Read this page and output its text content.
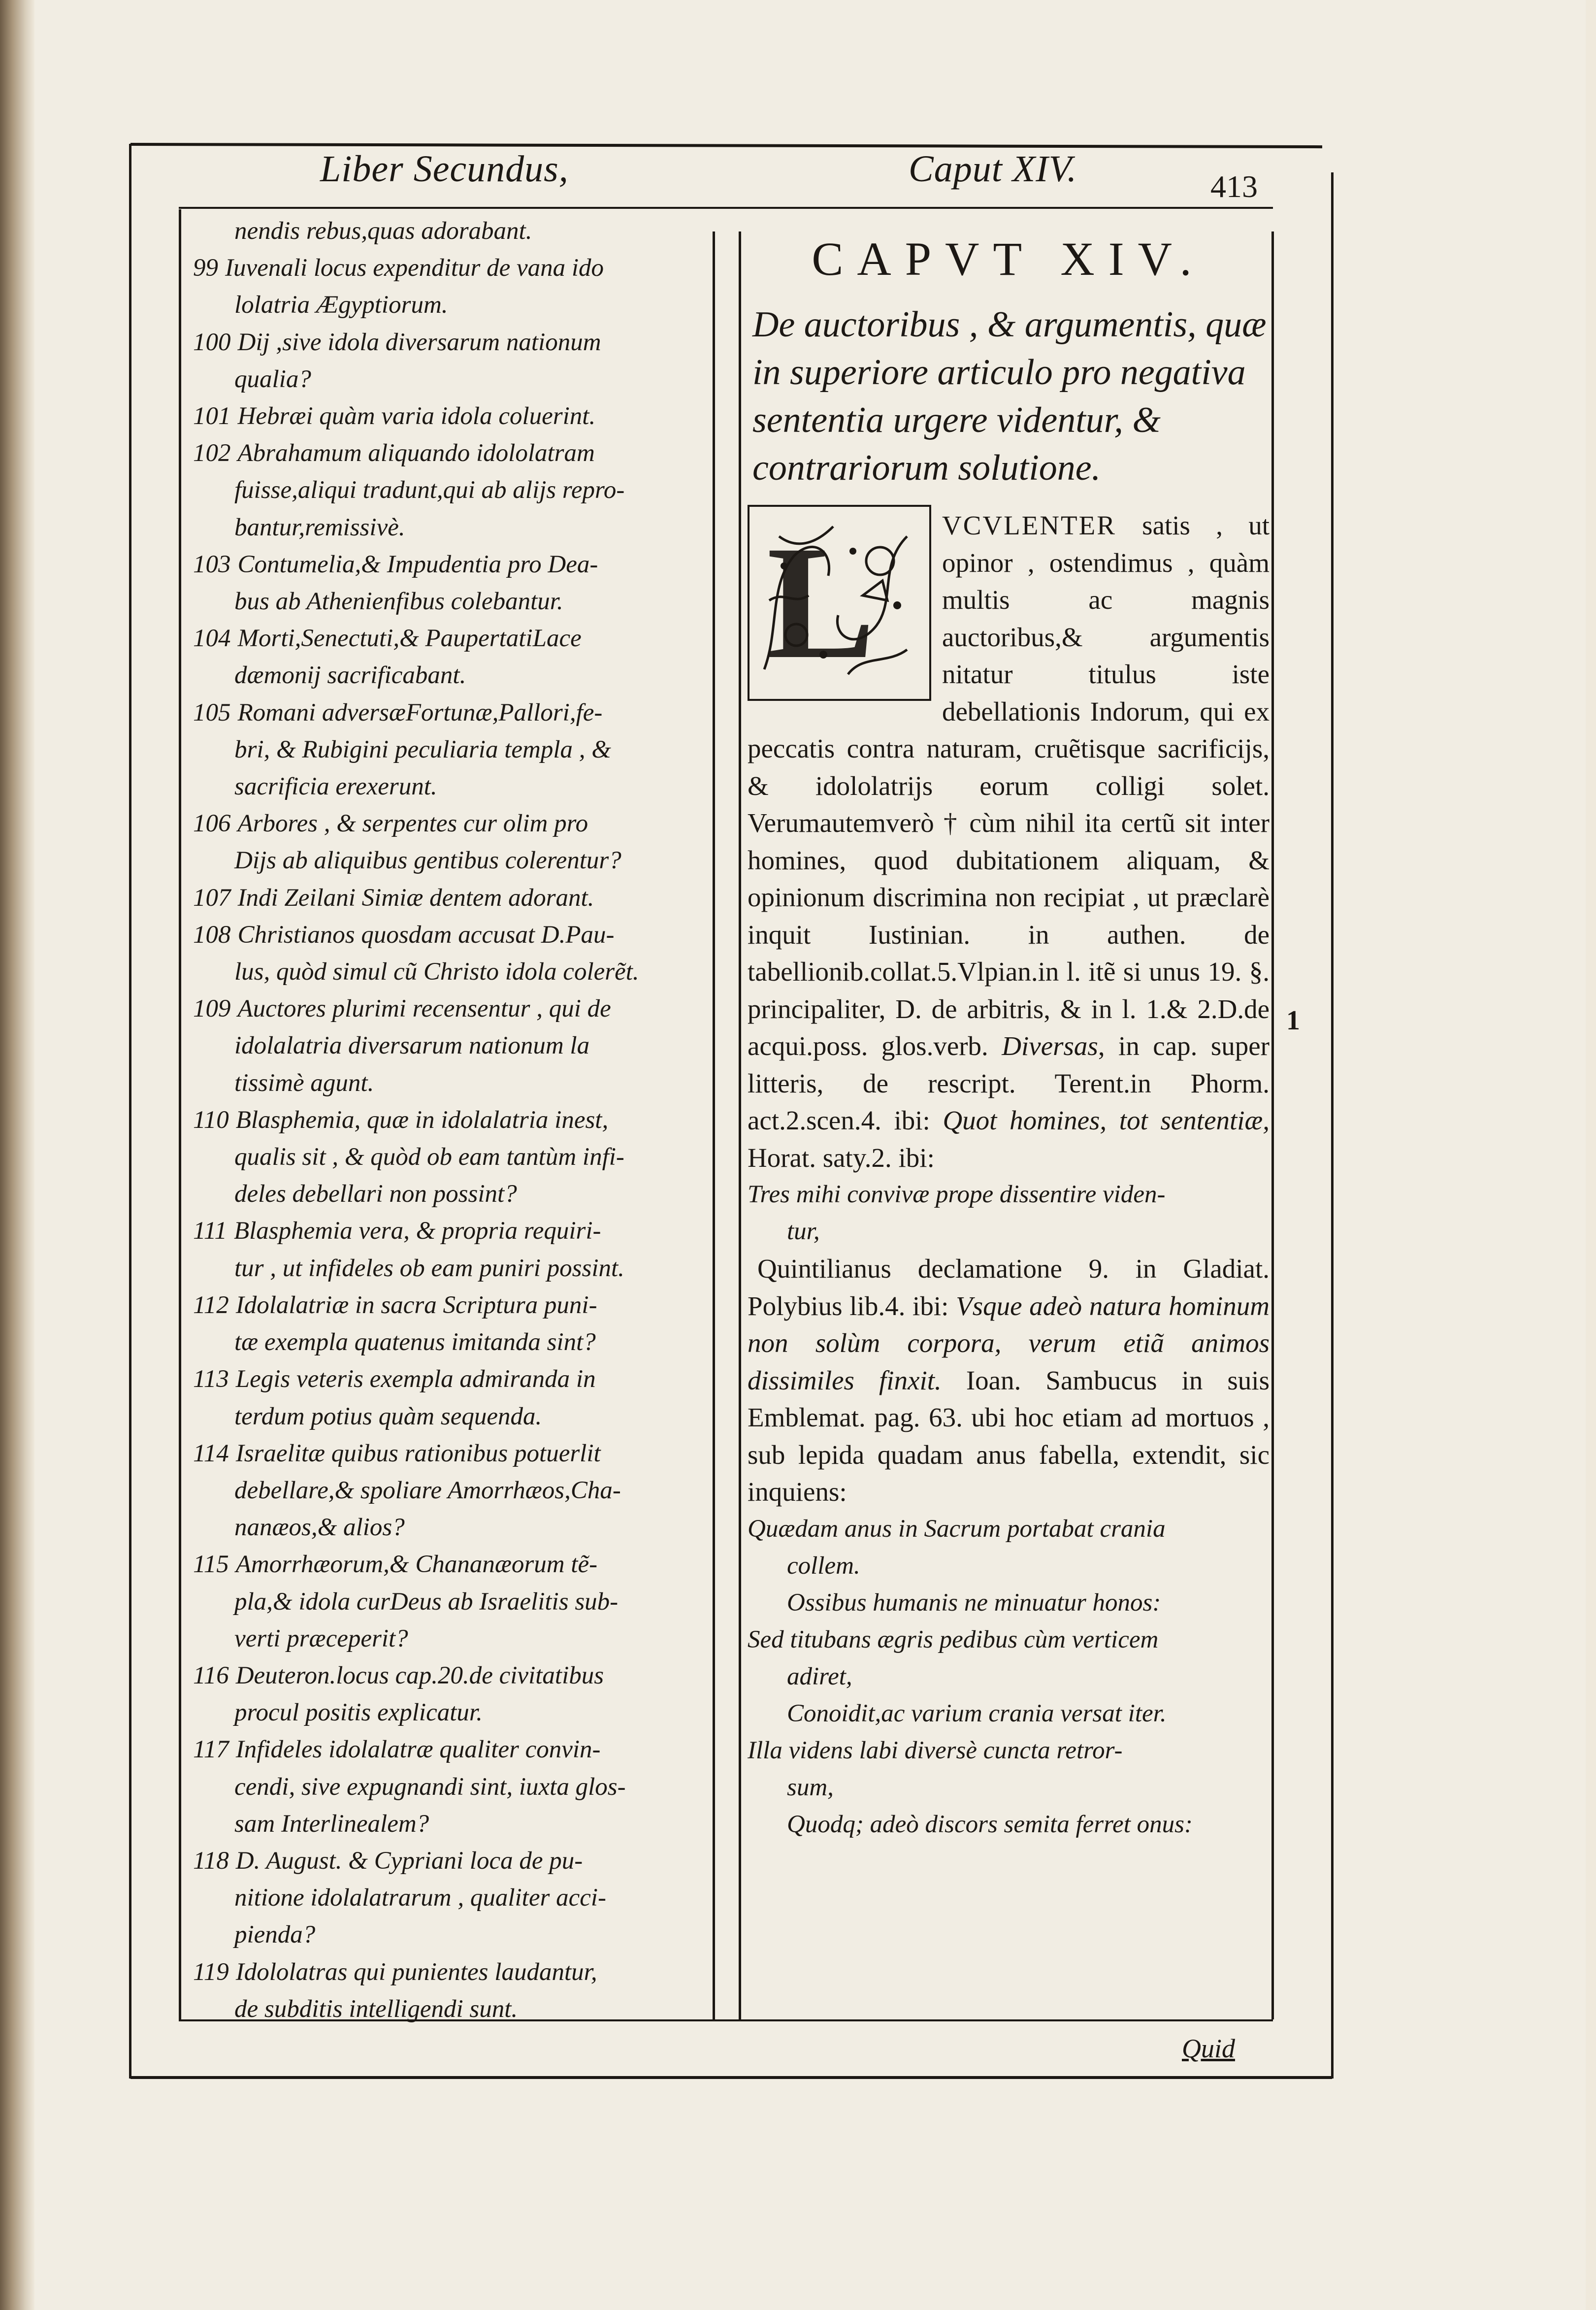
Liber Secundus,	Caput XIV.	413
nendis rebus,quas adorabant.
99 Iuvenali locus expenditur de vana ido
lolatria Ægyptiorum.
100 Dij ,sive idola diversarum nationum
qualia?
101 Hebræi quàm varia idola coluerint.
102 Abrahamum aliquando idololatram
fuisse,aliqui tradunt,qui ab alijs repro-
bantur,remissivè.
103 Contumelia,& Impudentia pro Dea-
bus ab Athenienfibus colebantur.
104 Morti,Senectuti,& PaupertatiLace
dæmonij sacrificabant.
105 Romani adversæFortunæ,Pallori,fe-
bri, & Rubigini peculiaria templa , &
sacrificia erexerunt.
106 Arbores , & serpentes cur olim pro
Dijs ab aliquibus gentibus colerentur?
107 Indi Zeilani Simiæ dentem adorant.
108 Christianos quosdam accusat D.Pau-
lus, quòd simul cũ Christo idola colerẽt.
109 Auctores plurimi recensentur , qui de
idolalatria diversarum nationum la
tissimè agunt.
110 Blasphemia, quæ in idolalatria inest,
qualis sit , & quòd ob eam tantùm infi-
deles debellari non possint?
111 Blasphemia vera, & propria requiri-
tur , ut infideles ob eam puniri possint.
112 Idolalatriæ in sacra Scriptura puni-
tæ exempla quatenus imitanda sint?
113 Legis veteris exempla admiranda in
terdum potius quàm sequenda.
114 Israelitæ quibus rationibus potuerlit
debellare,& spoliare Amorrhæos,Cha-
nanæos,& alios?
115 Amorrhæorum,& Chananæorum tẽ-
pla,& idola curDeus ab Israelitis sub-
verti præceperit?
116 Deuteron.locus cap.20.de civitatibus
procul positis explicatur.
117 Infideles idolalatræ qualiter convin-
cendi, sive expugnandi sint, iuxta glos-
sam Interlinealem?
118 D. August. & Cypriani loca de pu-
nitione idolalatrarum , qualiter acci-
pienda?
119 Idololatras qui punientes laudantur,
de subditis intelligendi sunt.
CAPVT XIV.
De auctoribus , & argumentis, quæ in superiore articulo pro negativa sententia urgere videntur, & contrariorum solutione.
L VCVLENTER satis , ut opinor , ostendimus , quàm multis ac magnis auctoribus,& argumentis nitatur titulus iste debellationis Indorum, qui ex peccatis contra naturam, cruẽtisque sacrificijs, & idololatrijs eorum colligi solet. Verumautemverò † cùm nihil ita certũ sit inter homines, quod dubitationem aliquam, & opinionum discrimina non recipiat , ut præclarè inquit Iustinian. in authen. de tabellionib.collat.5.Vlpian.in l. itẽ si unus 19. §. principaliter, D. de arbitris, & in l. 1.& 2.D.de acqui.poss. glos.verb. Diversas, in cap. super litteris, de rescript. Terent.in Phorm. act.2.scen.4. ibi: Quot homines, tot sententiæ, Horat. saty.2. ibi:
Tres mihi convivæ prope dissentire viden-
tur,
Quintilianus declamatione 9. in Gladiat. Polybius lib.4. ibi: Vsque adeò natura hominum non solùm corpora, verum etiã animos dissimiles finxit. Ioan. Sambucus in suis Emblemat. pag. 63. ubi hoc etiam ad mortuos , sub lepida quadam anus fabella, extendit, sic inquiens:
Quædam anus in Sacrum portabat crania
collem.
Ossibus humanis ne minuatur honos:
Sed titubans ægris pedibus cùm verticem
adiret,
Conoidit,ac varium crania versat iter.
Illa videns labi diversè cuncta retror-
sum,
Quodq; adeò discors semita ferret onus:
1
Quid
